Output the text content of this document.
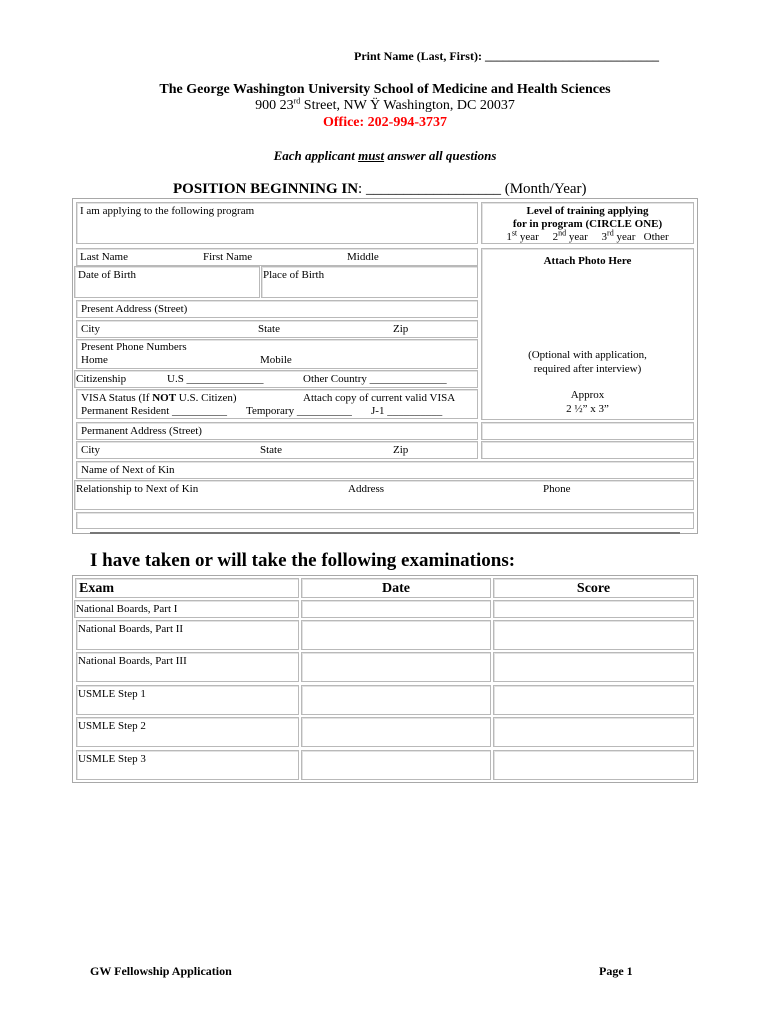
Print Name (Last, First): _____________________________
The George Washington University School of Medicine and Health Sciences
900 23rd Street, NW Ÿ Washington, DC 20037
Office: 202-994-3737
Each applicant must answer all questions
POSITION BEGINNING IN: __________________ (Month/Year)
I am applying to the following program	Level of training applying
for in program (CIRCLE ONE)
1st year 2nd year 3rd year Other
Last Name	First Name	Middle
Date of Birth	Place of Birth
Attach Photo Here
(Optional with application,
required after interview)
Approx
2 ½” x 3”
Present Address (Street)
City	State	Zip
Present Phone Numbers
Home	Mobile
Citizenship	U.S ______________	Other Country ______________
VISA Status (If NOT U.S. Citizen)	Attach copy of current valid VISA
Permanent Resident __________ Temporary __________ J-1 __________
Permanent Address (Street)
City	State	Zip
Name of Next of Kin
Relationship to Next of Kin	Address	Phone
I have taken or will take the following examinations:
Exam	Date	Score
National Boards, Part I
National Boards, Part II
National Boards, Part III
USMLE Step 1
USMLE Step 2
USMLE Step 3
GW Fellowship Application	Page 1
